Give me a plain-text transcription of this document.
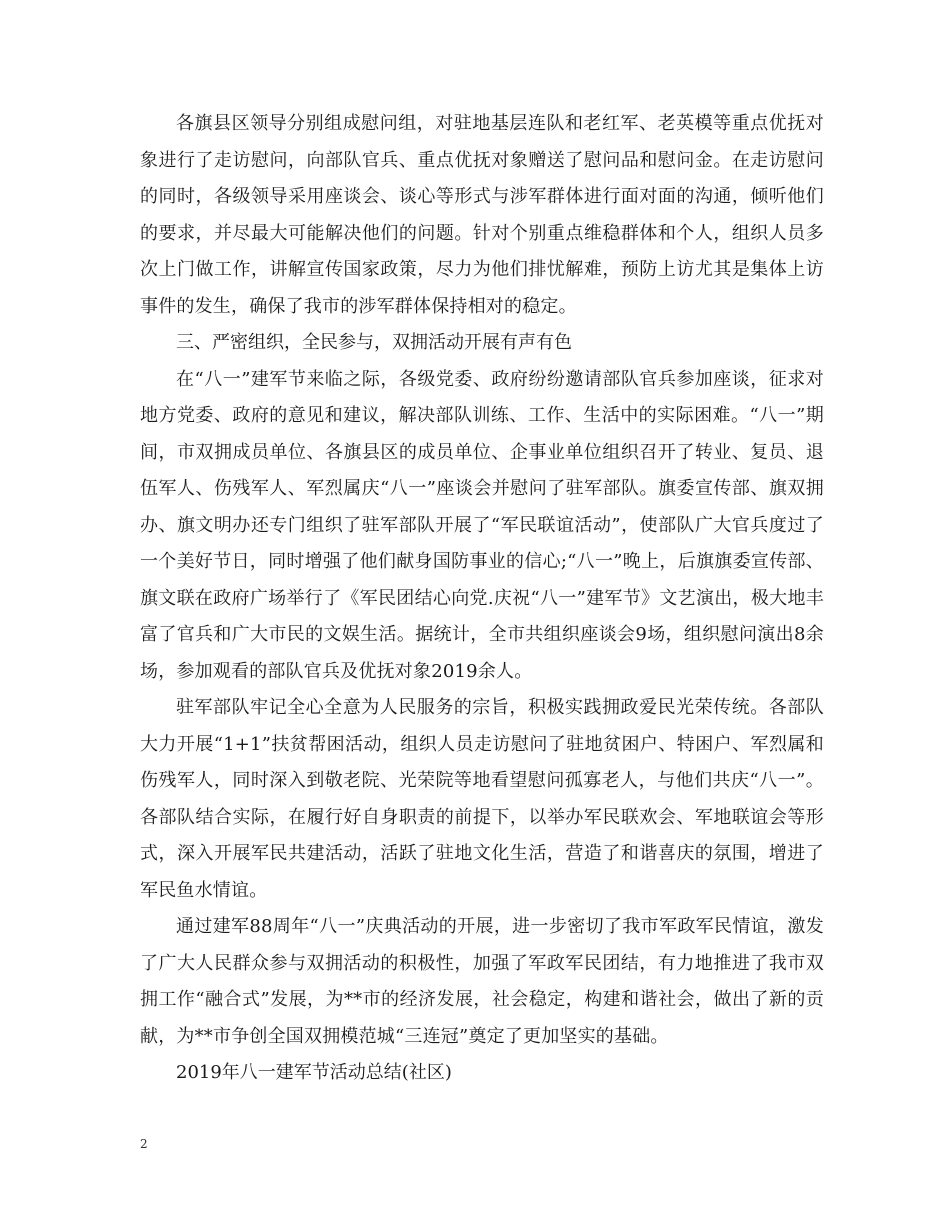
各旗县区领导分别组成慰问组，对驻地基层连队和老红军、老英模等重点优抚对象进行了走访慰问，向部队官兵、重点优抚对象赠送了慰问品和慰问金。在走访慰问的同时，各级领导采用座谈会、谈心等形式与涉军群体进行面对面的沟通，倾听他们的要求，并尽最大可能解决他们的问题。针对个别重点维稳群体和个人，组织人员多次上门做工作，讲解宣传国家政策，尽力为他们排忧解难，预防上访尤其是集体上访事件的发生，确保了我市的涉军群体保持相对的稳定。

三、严密组织，全民参与，双拥活动开展有声有色

在“八一”建军节来临之际，各级党委、政府纷纷邀请部队官兵参加座谈，征求对地方党委、政府的意见和建议，解决部队训练、工作、生活中的实际困难。“八一”期间，市双拥成员单位、各旗县区的成员单位、企事业单位组织召开了转业、复员、退伍军人、伤残军人、军烈属庆“八一”座谈会并慰问了驻军部队。旗委宣传部、旗双拥办、旗文明办还专门组织了驻军部队开展了“军民联谊活动”，使部队广大官兵度过了一个美好节日，同时增强了他们献身国防事业的信心;“八一”晚上，后旗旗委宣传部、旗文联在政府广场举行了《军民团结心向党.庆祝“八一”建军节》文艺演出，极大地丰富了官兵和广大市民的文娱生活。据统计，全市共组织座谈会9场，组织慰问演出8余场，参加观看的部队官兵及优抚对象2019余人。

驻军部队牢记全心全意为人民服务的宗旨，积极实践拥政爱民光荣传统。各部队大力开展“1+1”扶贫帮困活动，组织人员走访慰问了驻地贫困户、特困户、军烈属和伤残军人，同时深入到敬老院、光荣院等地看望慰问孤寡老人，与他们共庆“八一”。各部队结合实际，在履行好自身职责的前提下，以举办军民联欢会、军地联谊会等形式，深入开展军民共建活动，活跃了驻地文化生活，营造了和谐喜庆的氛围，增进了军民鱼水情谊。

通过建军88周年“八一”庆典活动的开展，进一步密切了我市军政军民情谊，激发了广大人民群众参与双拥活动的积极性，加强了军政军民团结，有力地推进了我市双拥工作“融合式”发展，为**市的经济发展，社会稳定，构建和谐社会，做出了新的贡献，为**市争创全国双拥模范城“三连冠”奠定了更加坚实的基础。

2019年八一建军节活动总结(社区)

2
